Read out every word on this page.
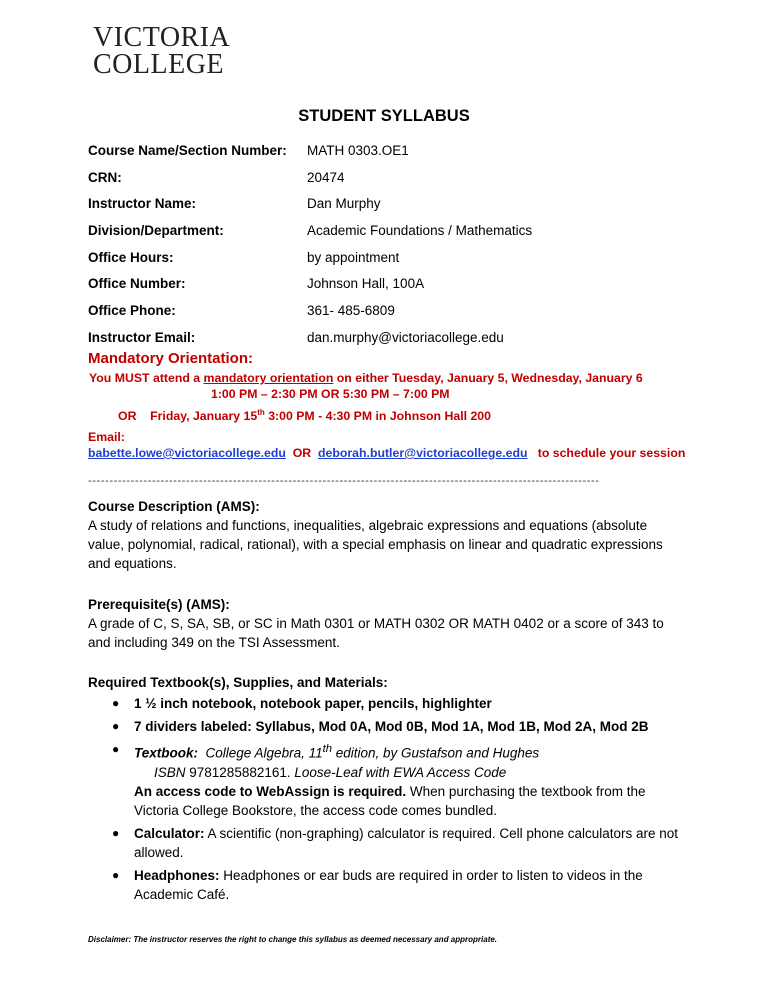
VICTORIA
COLLEGE
STUDENT SYLLABUS
Course Name/Section Number: MATH 0303.OE1
CRN:	20474
Instructor Name:	Dan Murphy
Division/Department:	Academic Foundations / Mathematics
Office Hours:	by appointment
Office Number:	Johnson Hall, 100A
Office Phone:	361- 485-6809
Instructor Email:	dan.murphy@victoriacollege.edu
Mandatory Orientation:
You MUST attend a mandatory orientation on either Tuesday, January 5, Wednesday, January 6
1:00 PM – 2:30 PM OR 5:30 PM – 7:00 PM
OR Friday, January 15th 3:00 PM - 4:30 PM in Johnson Hall 200
Email:
babette.lowe@victoriacollege.edu OR deborah.butler@victoriacollege.edu to schedule your session
------------------------------------------------------------------------------------------------------------------------
Course Description (AMS):
A study of relations and functions, inequalities, algebraic expressions and equations (absolute value, polynomial, radical, rational), with a special emphasis on linear and quadratic expressions and equations.
Prerequisite(s) (AMS):
A grade of C, S, SA, SB, or SC in Math 0301 or MATH 0302 OR MATH 0402 or a score of 343 to and including 349 on the TSI Assessment.
Required Textbook(s), Supplies, and Materials:
● 1 ½ inch notebook, notebook paper, pencils, highlighter
● 7 dividers labeled: Syllabus, Mod 0A, Mod 0B, Mod 1A, Mod 1B, Mod 2A, Mod 2B
● Textbook: College Algebra, 11th edition, by Gustafson and Hughes
ISBN 9781285882161. Loose-Leaf with EWA Access Code
An access code to WebAssign is required. When purchasing the textbook from the Victoria College Bookstore, the access code comes bundled.
● Calculator: A scientific (non-graphing) calculator is required. Cell phone calculators are not allowed.
● Headphones: Headphones or ear buds are required in order to listen to videos in the Academic Café.
Disclaimer: The instructor reserves the right to change this syllabus as deemed necessary and appropriate.
